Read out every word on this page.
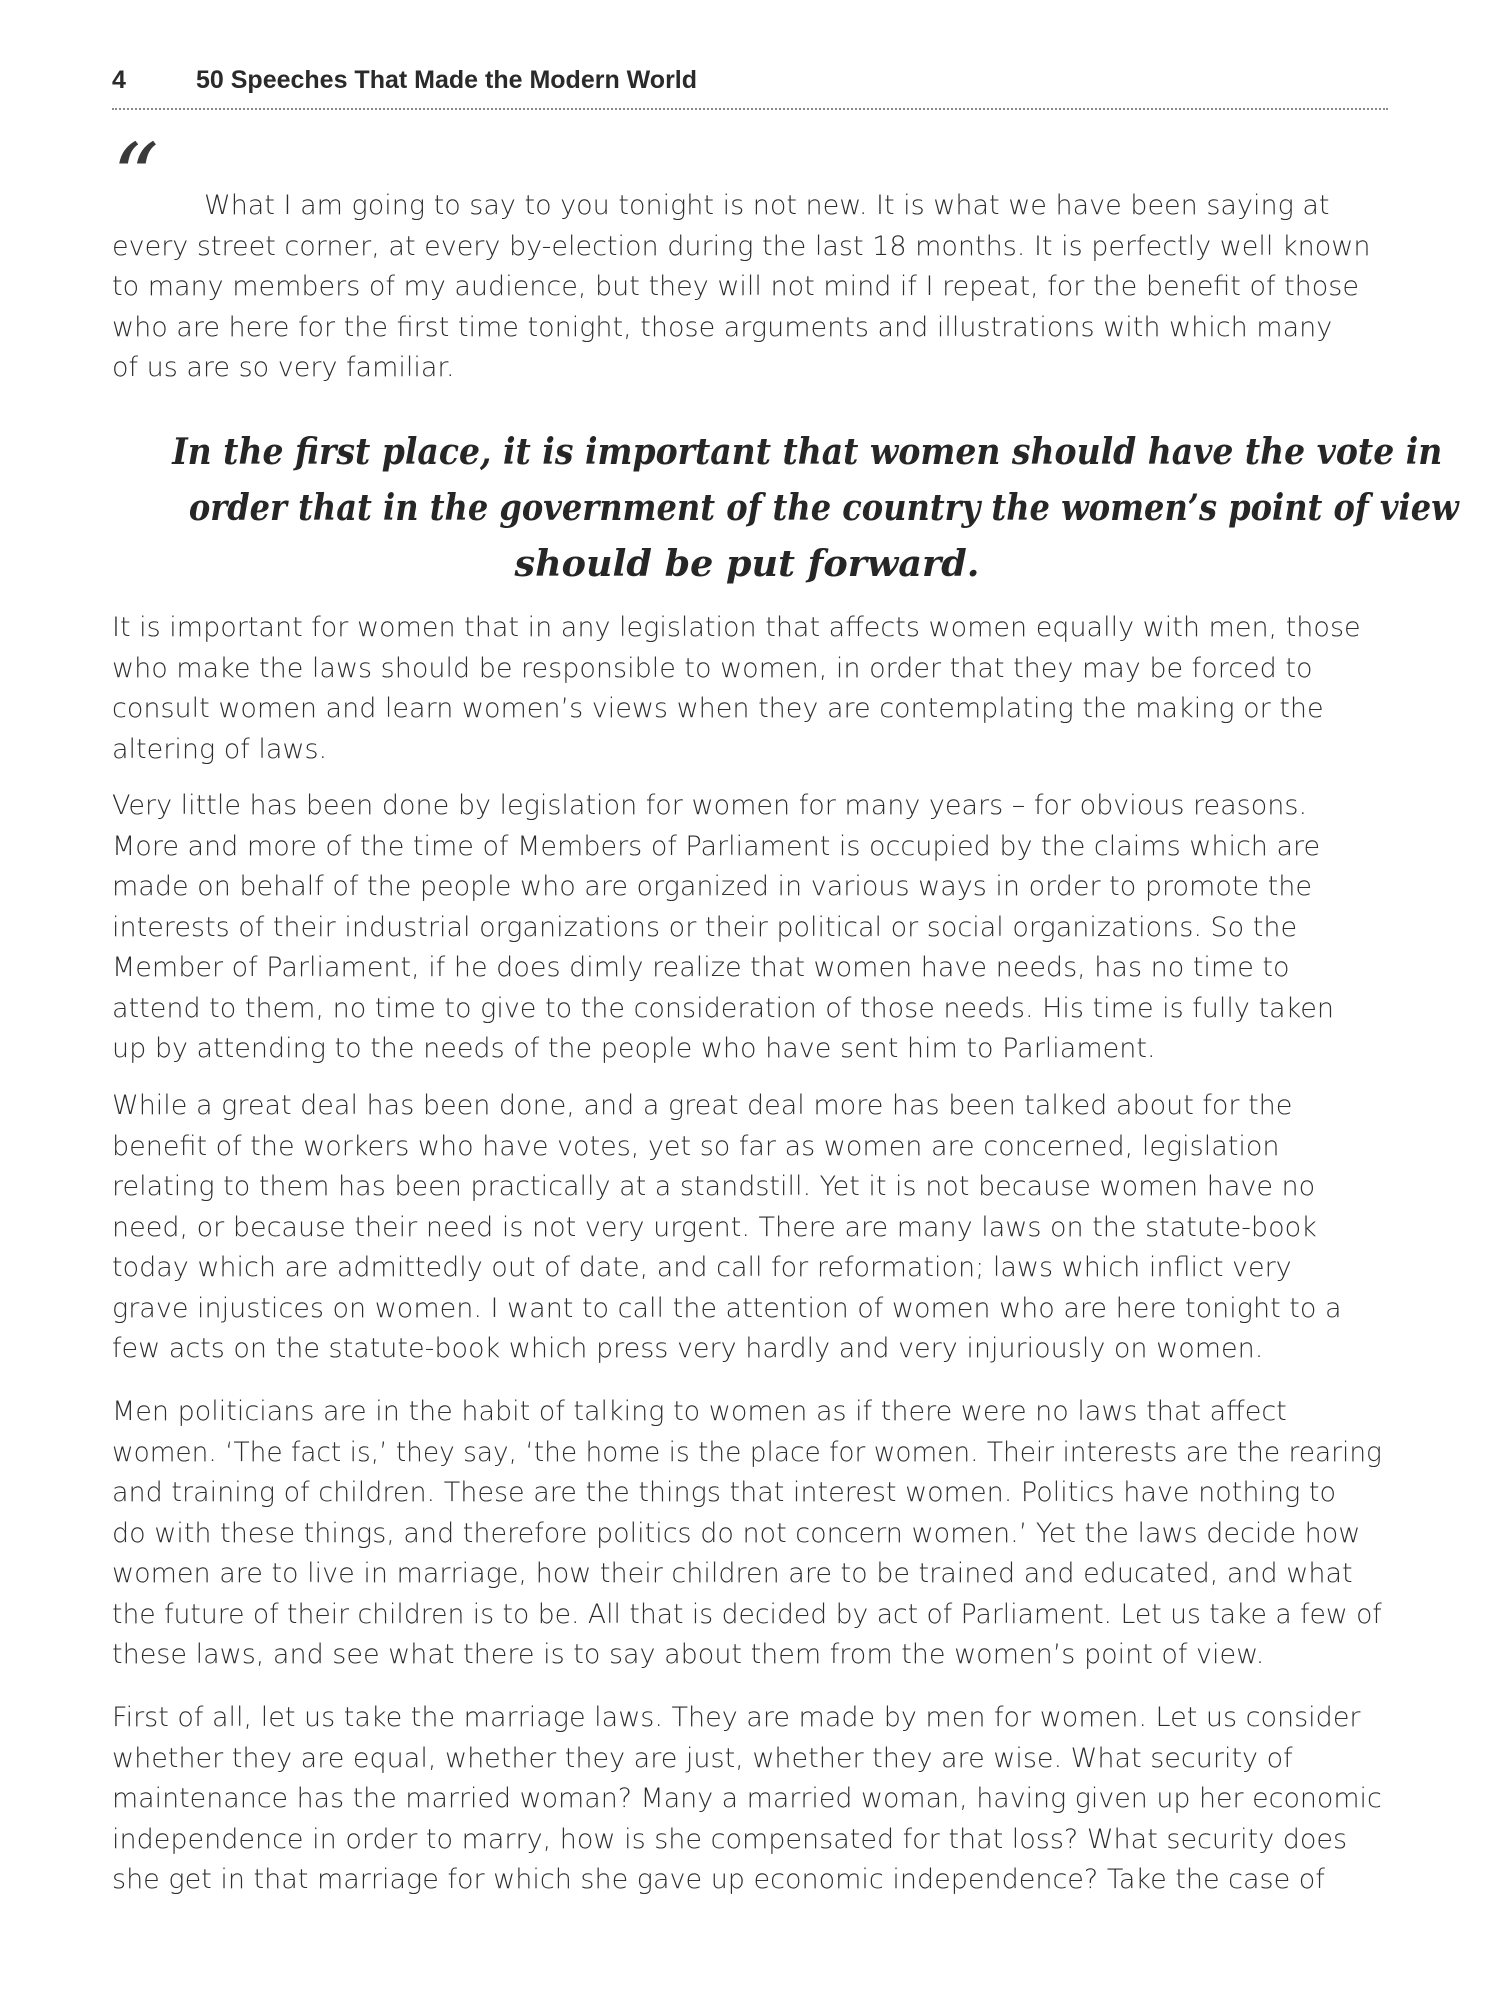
4	50 Speeches That Made the Modern World
“	What I am going to say to you tonight is not new. It is what we have been saying at
every street corner, at every by-election during the last 18 months. It is perfectly well known
to many members of my audience, but they will not mind if I repeat, for the benefit of those
who are here for the first time tonight, those arguments and illustrations with which many
of us are so very familiar.
In the first place, it is important that women should have the vote in
order that in the government of the country the women’s point of view
should be put forward.
It is important for women that in any legislation that affects women equally with men, those
who make the laws should be responsible to women, in order that they may be forced to
consult women and learn women’s views when they are contemplating the making or the
altering of laws.
Very little has been done by legislation for women for many years – for obvious reasons.
More and more of the time of Members of Parliament is occupied by the claims which are
made on behalf of the people who are organized in various ways in order to promote the
interests of their industrial organizations or their political or social organizations. So the
Member of Parliament, if he does dimly realize that women have needs, has no time to
attend to them, no time to give to the consideration of those needs. His time is fully taken
up by attending to the needs of the people who have sent him to Parliament.
While a great deal has been done, and a great deal more has been talked about for the
benefit of the workers who have votes, yet so far as women are concerned, legislation
relating to them has been practically at a standstill. Yet it is not because women have no
need, or because their need is not very urgent. There are many laws on the statute-book
today which are admittedly out of date, and call for reformation; laws which inflict very
grave injustices on women. I want to call the attention of women who are here tonight to a
few acts on the statute-book which press very hardly and very injuriously on women.
Men politicians are in the habit of talking to women as if there were no laws that affect
women. ‘The fact is,’ they say, ‘the home is the place for women. Their interests are the rearing
and training of children. These are the things that interest women. Politics have nothing to
do with these things, and therefore politics do not concern women.’ Yet the laws decide how
women are to live in marriage, how their children are to be trained and educated, and what
the future of their children is to be. All that is decided by act of Parliament. Let us take a few of
these laws, and see what there is to say about them from the women’s point of view.
First of all, let us take the marriage laws. They are made by men for women. Let us consider
whether they are equal, whether they are just, whether they are wise. What security of
maintenance has the married woman? Many a married woman, having given up her economic
independence in order to marry, how is she compensated for that loss? What security does
she get in that marriage for which she gave up economic independence? Take the case of
